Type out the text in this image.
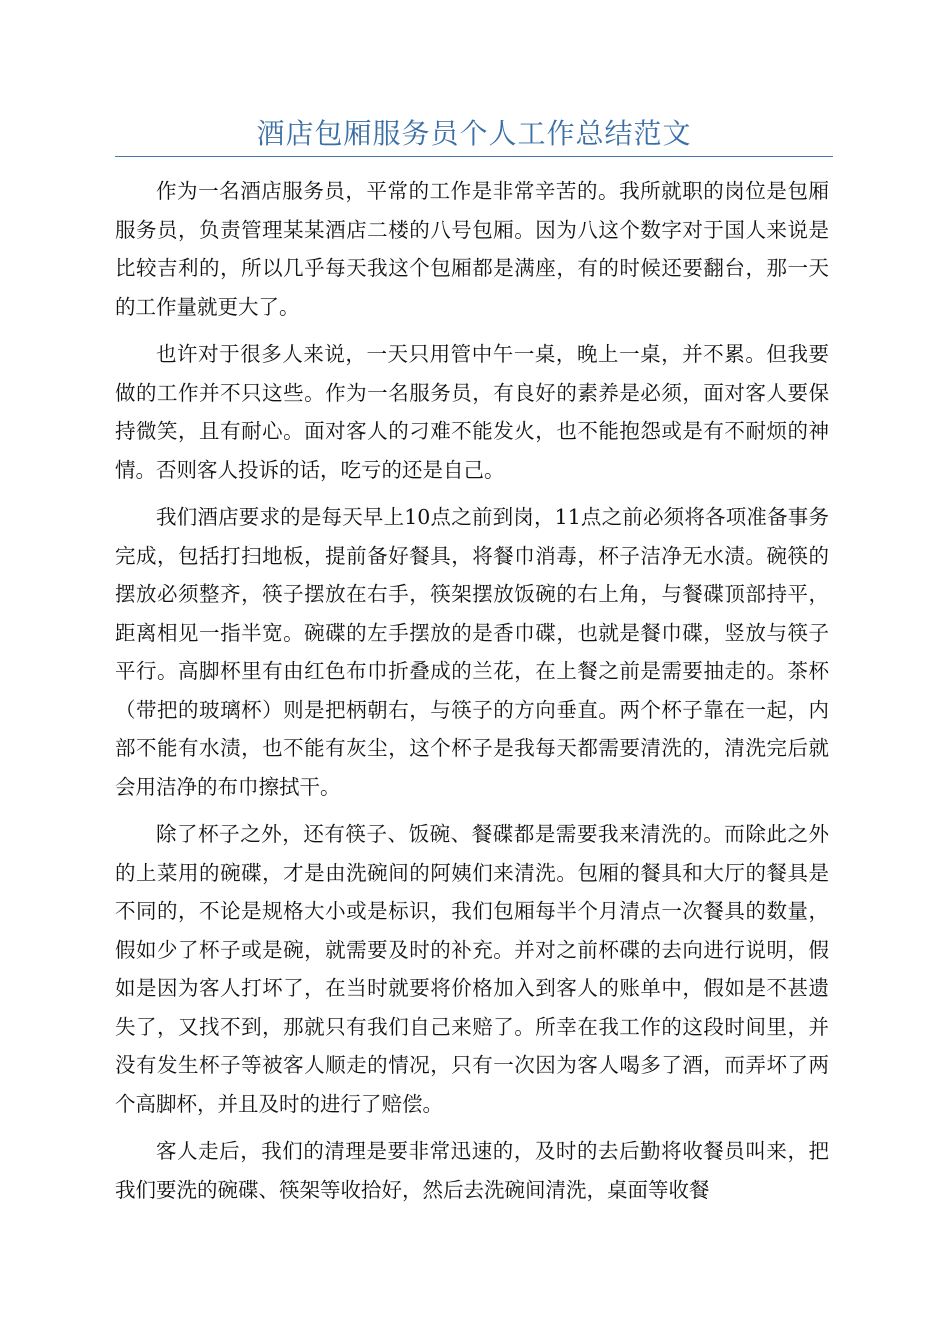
酒店包厢服务员个人工作总结范文

作为一名酒店服务员，平常的工作是非常辛苦的。我所就职的岗位是包厢服务员，负责管理某某酒店二楼的八号包厢。因为八这个数字对于国人来说是比较吉利的，所以几乎每天我这个包厢都是满座，有的时候还要翻台，那一天的工作量就更大了。

也许对于很多人来说，一天只用管中午一桌，晚上一桌，并不累。但我要做的工作并不只这些。作为一名服务员，有良好的素养是必须，面对客人要保持微笑，且有耐心。面对客人的刁难不能发火，也不能抱怨或是有不耐烦的神情。否则客人投诉的话，吃亏的还是自己。

我们酒店要求的是每天早上10点之前到岗，11点之前必须将各项准备事务完成，包括打扫地板，提前备好餐具，将餐巾消毒，杯子洁净无水渍。碗筷的摆放必须整齐，筷子摆放在右手，筷架摆放饭碗的右上角，与餐碟顶部持平，距离相见一指半宽。碗碟的左手摆放的是香巾碟，也就是餐巾碟，竖放与筷子平行。高脚杯里有由红色布巾折叠成的兰花，在上餐之前是需要抽走的。茶杯（带把的玻璃杯）则是把柄朝右，与筷子的方向垂直。两个杯子靠在一起，内部不能有水渍，也不能有灰尘，这个杯子是我每天都需要清洗的，清洗完后就会用洁净的布巾擦拭干。

除了杯子之外，还有筷子、饭碗、餐碟都是需要我来清洗的。而除此之外的上菜用的碗碟，才是由洗碗间的阿姨们来清洗。包厢的餐具和大厅的餐具是不同的，不论是规格大小或是标识，我们包厢每半个月清点一次餐具的数量，假如少了杯子或是碗，就需要及时的补充。并对之前杯碟的去向进行说明，假如是因为客人打坏了，在当时就要将价格加入到客人的账单中，假如是不甚遗失了，又找不到，那就只有我们自己来赔了。所幸在我工作的这段时间里，并没有发生杯子等被客人顺走的情况，只有一次因为客人喝多了酒，而弄坏了两个高脚杯，并且及时的进行了赔偿。

客人走后，我们的清理是要非常迅速的，及时的去后勤将收餐员叫来，把我们要洗的碗碟、筷架等收拾好，然后去洗碗间清洗，桌面等收餐
